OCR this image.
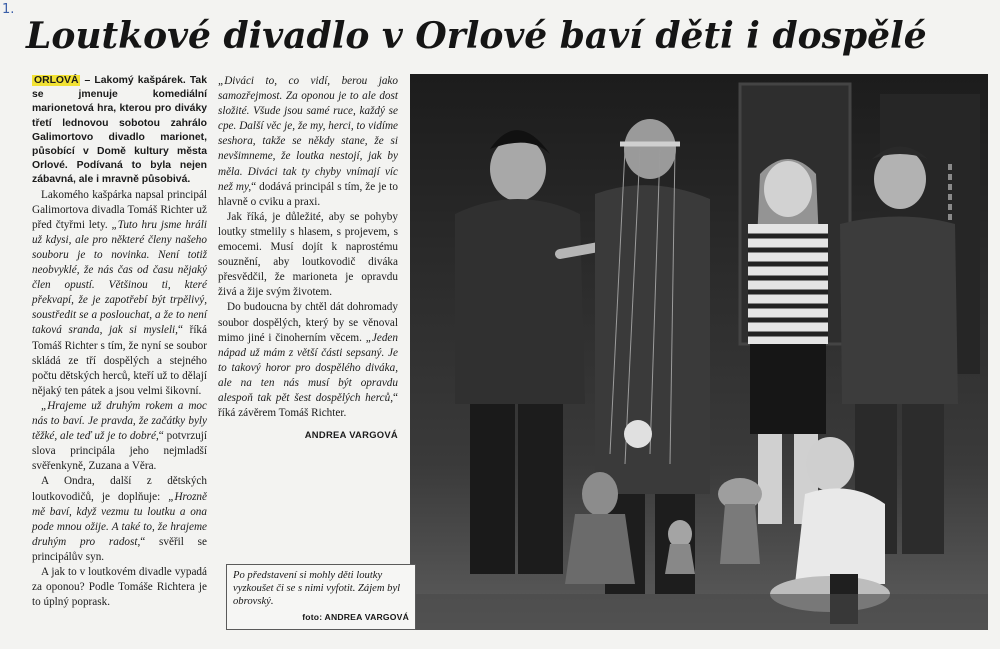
1.
Loutkové divadlo v Orlové baví děti i dospělé

ORLOVÁ – Lakomý kašpárek. Tak se jmenuje komediální marionetová hra, kterou pro diváky třetí lednovou sobotou zahrálo Galimortovo divadlo marionet, působící v Domě kultury města Orlové. Podívaná to byla nejen zábavná, ale i mravně působivá.

Lakomého kašpárka napsal principál Galimortova divadla Tomáš Richter už před čtyřmi lety. „Tuto hru jsme hráli už kdysi, ale pro některé členy našeho souboru je to novinka. Není totiž neobvyklé, že nás čas od času nějaký člen opustí. Většinou ti, které překvapí, že je zapotřebí být trpělivý, soustředit se a poslouchat, a že to není taková sranda, jak si mysleli,“ říká Tomáš Richter s tím, že nyní se soubor skládá ze tří dospělých a stejného počtu dětských herců, kteří už to dělají nějaký ten pátek a jsou velmi šikovní.

„Hrajeme už druhým rokem a moc nás to baví. Je pravda, že začátky byly těžké, ale teď už je to dobré,“ potvrzují slova principála jeho nejmladší svěřenkyně, Zuzana a Věra.

A Ondra, další z dětských loutkovodičů, je doplňuje: „Hrozně mě baví, když vezmu tu loutku a ona pode mnou ožije. A také to, že hrajeme druhým pro radost,“ svěřil se principálův syn.

A jak to v loutkovém divadle vypadá za oponou? Podle Tomáše Richtera je to úplný poprask.

„Diváci to, co vidí, berou jako samozřejmost. Za oponou je to ale dost složité. Všude jsou samé ruce, každý se cpe. Další věc je, že my, herci, to vidíme seshora, takže se někdy stane, že si nevšimneme, že loutka nestojí, jak by měla. Diváci tak ty chyby vnímají víc než my,“ dodává principál s tím, že je to hlavně o cviku a praxi.

Jak říká, je důležité, aby se pohyby loutky stmelily s hlasem, s projevem, s emocemi. Musí dojít k naprostému souznění, aby loutkovodič diváka přesvědčil, že marioneta je opravdu živá a žije svým životem.

Do budoucna by chtěl dát dohromady soubor dospělých, který by se věnoval mimo jiné i činoherním věcem. „Jeden nápad už mám z větší části sepsaný. Je to takový horor pro dospělého diváka, ale na ten nás musí být opravdu alespoň tak pět šest dospělých herců,“ říká závěrem Tomáš Richter.

ANDREA VARGOVÁ
Po představení si mohly děti loutky vyzkoušet či se s nimi vyfotit. Zájem byl obrovský.
foto: ANDREA VARGOVÁ
